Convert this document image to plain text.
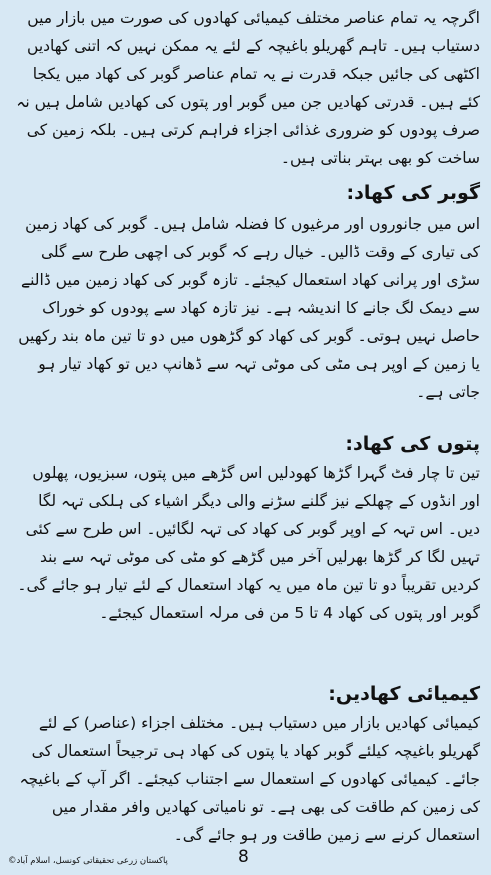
اگرچہ یہ تمام عناصر مختلف کیمیائی کھادوں کی صورت میں بازار میں دستیاب ہیں۔ تاہم گھریلو باغیچہ کے لئے یہ ممکن نہیں کہ اتنی کھادیں اکٹھی کی جائیں جبکہ قدرت نے یہ تمام عناصر گوبر کی کھاد میں یکجا کئے ہیں۔ قدرتی کھادیں جن میں گوبر اور پتوں کی کھادیں شامل ہیں نہ صرف پودوں کو ضروری غذائی اجزاء فراہم کرتی ہیں۔ بلکہ زمین کی ساخت کو بھی بہتر بناتی ہیں۔

گوبر کی کھاد:

اس میں جانوروں اور مرغیوں کا فضلہ شامل ہیں۔ گوبر کی کھاد زمین کی تیاری کے وقت ڈالیں۔ خیال رہے کہ گوبر کی اچھی طرح سے گلی سڑی اور پرانی کھاد استعمال کیجئے۔ تازہ گوبر کی کھاد زمین میں ڈالنے سے دیمک لگ جانے کا اندیشہ ہے۔ نیز تازہ کھاد سے پودوں کو خوراک حاصل نہیں ہوتی۔ گوبر کی کھاد کو گڑھوں میں دو تا تین ماہ بند رکھیں یا زمین کے اوپر ہی مٹی کی موٹی تہہ سے ڈھانپ دیں تو کھاد تیار ہو جاتی ہے۔

پتوں کی کھاد:

تین تا چار فٹ گہرا گڑھا کھودلیں اس گڑھے میں پتوں، سبزیوں، پھلوں اور انڈوں کے چھلکے نیز گلنے سڑنے والی دیگر اشیاء کی ہلکی تہہ لگا دیں۔ اس تہہ کے اوپر گوبر کی کھاد کی تہہ لگائیں۔ اس طرح سے کئی تہیں لگا کر گڑھا بھرلیں آخر میں گڑھے کو مٹی کی موٹی تہہ سے بند کردیں تقریباً دو تا تین ماہ میں یہ کھاد استعمال کے لئے تیار ہو جائے گی۔ گوبر اور پتوں کی کھاد 4 تا 5 من فی مرلہ استعمال کیجئے۔

کیمیائی کھادیں:

کیمیائی کھادیں بازار میں دستیاب ہیں۔ مختلف اجزاء (عناصر) کے لئے گھریلو باغیچہ کیلئے گوبر کھاد یا پتوں کی کھاد ہی ترجیحاً استعمال کی جائے۔ کیمیائی کھادوں کے استعمال سے اجتناب کیجئے۔ اگر آپ کے باغیچہ کی زمین کم طاقت کی بھی ہے۔ تو نامیاتی کھادیں وافر مقدار میں استعمال کرنے سے زمین طاقت ور ہو جائے گی۔

پاکستان زرعی تحقیقاتی کونسل، اسلام آباد©	8
